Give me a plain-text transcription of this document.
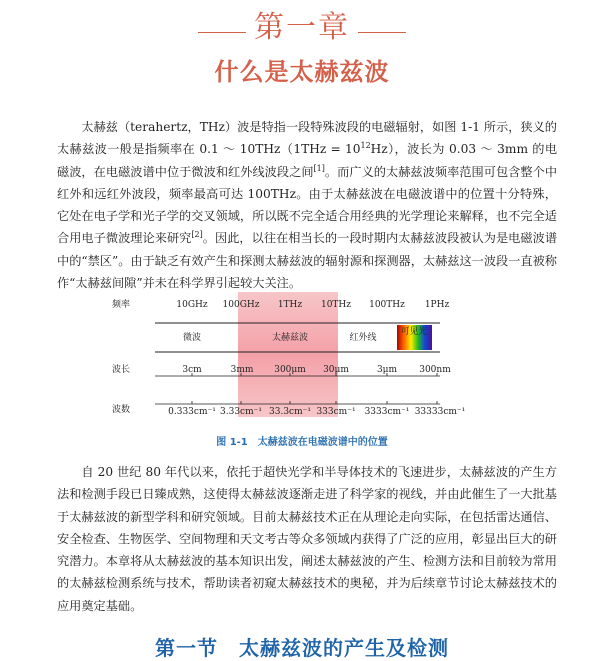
第一章
什么是太赫兹波

太赫兹（terahertz，THz）波是特指一段特殊波段的电磁辐射，如图 1-1 所示，狭义的太赫兹波一般是指频率在 0.1 ～ $10THz(1THz = 10^{12}Hz)$，波长为 0.03 ～ 3mm 的电磁波，在电磁波谱中位于微波和红外线波段之间[1]。而广义的太赫兹波频率范围可包含整个中红外和远红外波段，频率最高可达 100THz。由于太赫兹波在电磁波谱中的位置十分特殊，它处在电子学和光子学的交叉领域，所以既不完全适合用经典的光学理论来解释，也不完全适合用电子微波理论来研究[2]。因此，以往在相当长的一段时期内太赫兹波段被认为是电磁波谱中的“禁区”。由于缺乏有效产生和探测太赫兹波的辐射源和探测器，太赫兹这一波段一直被称作“太赫兹间隙”并未在科学界引起较大关注。

频率
波长
波数
10GHz 100GHz 1THz 10THz 100THz 1PHz
微波	太赫兹波	红外线
可见光
3cm	3mm 300μm 30μm	3μm 300nm
0.333cm⁻¹ 3.33cm⁻¹ 33.3cm⁻¹ 333cm⁻¹ 3333cm⁻¹ 33333cm⁻¹
图 1-1　太赫兹波在电磁波谱中的位置

自 20 世纪 80 年代以来，依托于超快光学和半导体技术的飞速进步，太赫兹波的产生方法和检测手段已日臻成熟，这使得太赫兹波逐渐走进了科学家的视线，并由此催生了一大批基于太赫兹波的新型学科和研究领域。目前太赫兹技术正在从理论走向实际，在包括雷达通信、安全检查、生物医学、空间物理和天文考古等众多领域内获得了广泛的应用，彰显出巨大的研究潜力。本章将从太赫兹波的基本知识出发，阐述太赫兹波的产生、检测方法和目前较为常用的太赫兹检测系统与技术，帮助读者初窥太赫兹技术的奥秘，并为后续章节讨论太赫兹技术的应用奠定基础。

第一节　太赫兹波的产生及检测
